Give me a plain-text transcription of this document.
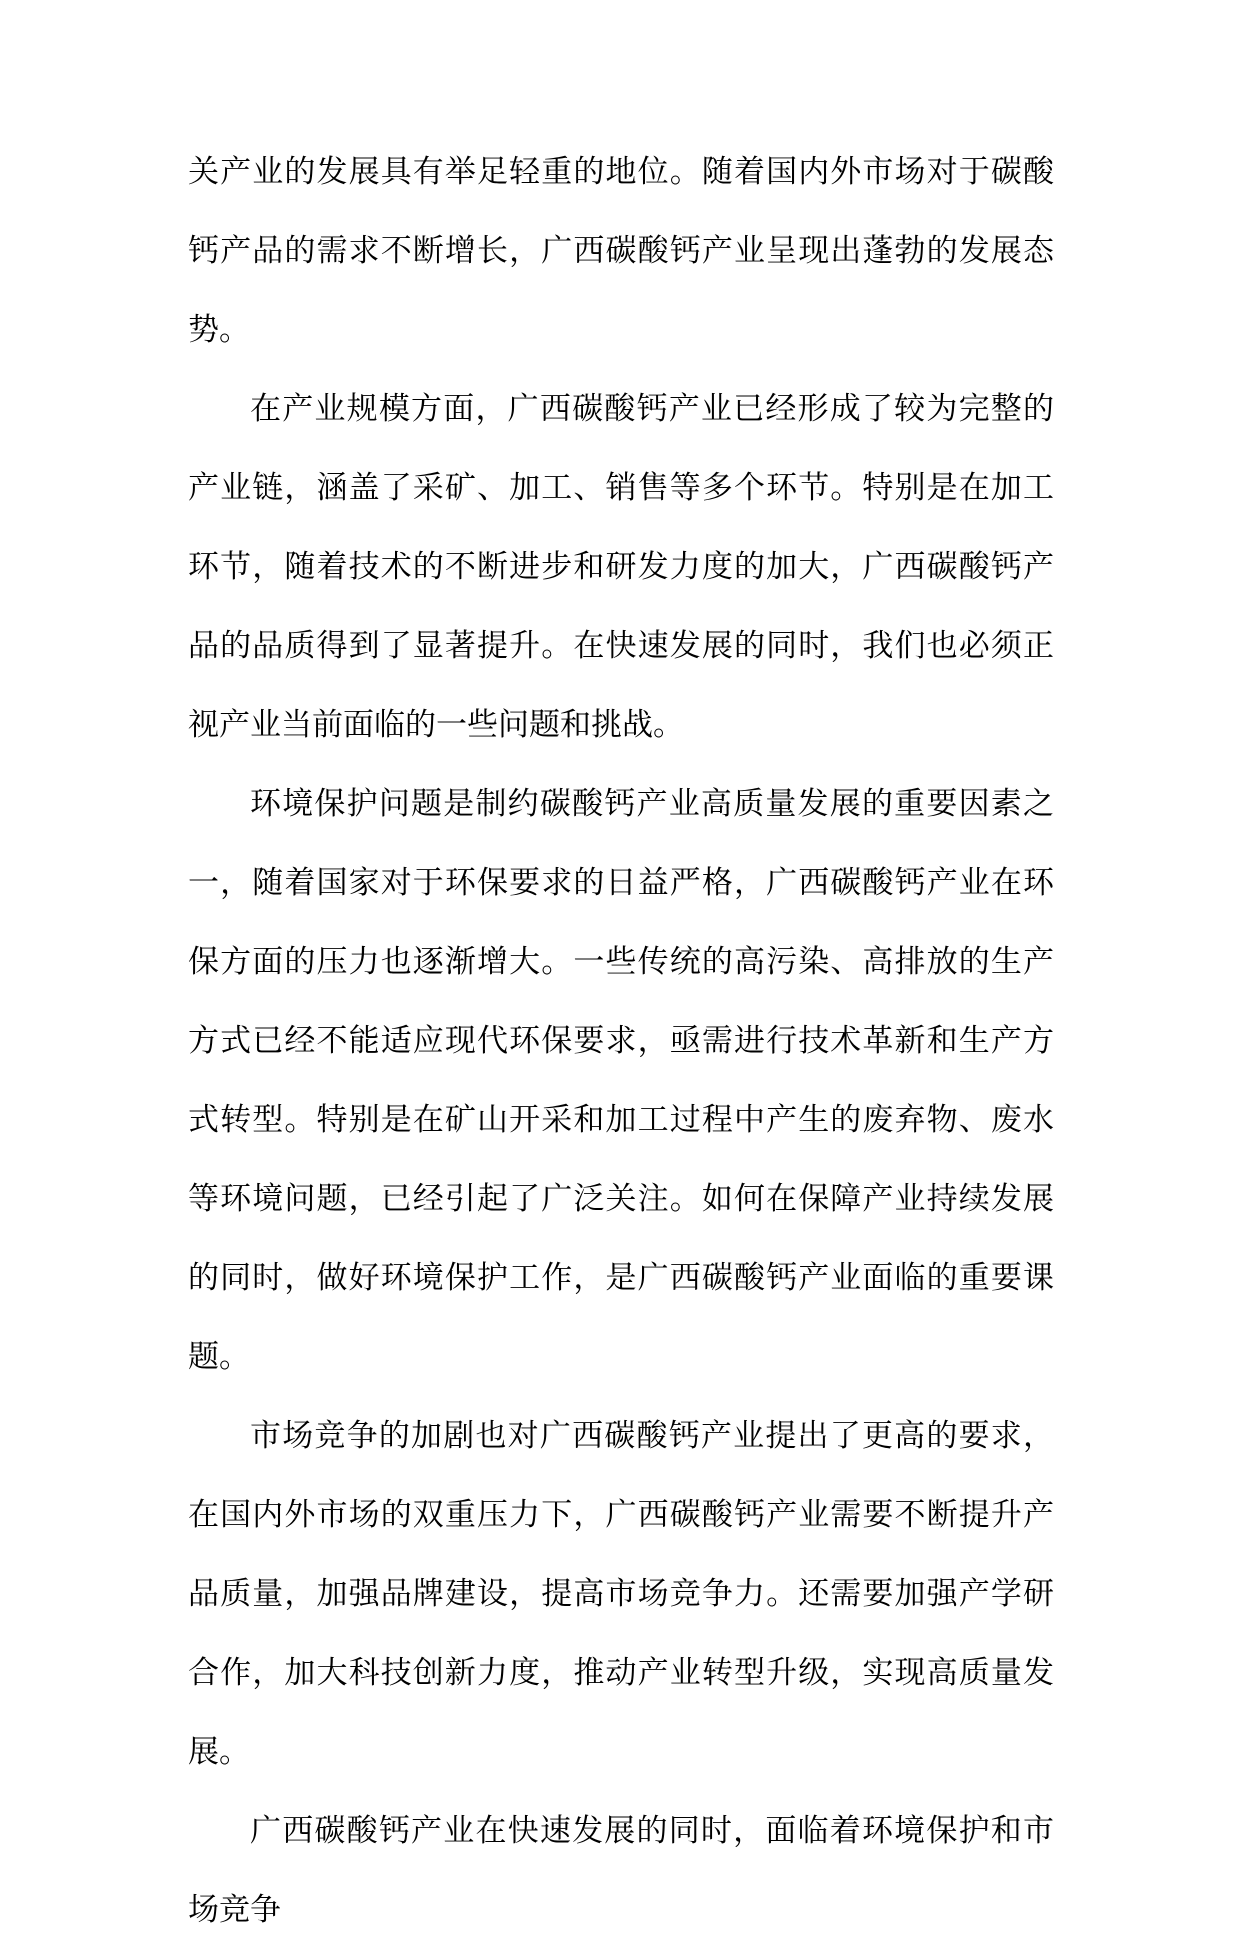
关产业的发展具有举足轻重的地位。随着国内外市场对于碳酸钙产品的需求不断增长，广西碳酸钙产业呈现出蓬勃的发展态势。

在产业规模方面，广西碳酸钙产业已经形成了较为完整的产业链，涵盖了采矿、加工、销售等多个环节。特别是在加工环节，随着技术的不断进步和研发力度的加大，广西碳酸钙产品的品质得到了显著提升。在快速发展的同时，我们也必须正视产业当前面临的一些问题和挑战。

环境保护问题是制约碳酸钙产业高质量发展的重要因素之一，随着国家对于环保要求的日益严格，广西碳酸钙产业在环保方面的压力也逐渐增大。一些传统的高污染、高排放的生产方式已经不能适应现代环保要求，亟需进行技术革新和生产方式转型。特别是在矿山开采和加工过程中产生的废弃物、废水等环境问题，已经引起了广泛关注。如何在保障产业持续发展的同时，做好环境保护工作，是广西碳酸钙产业面临的重要课题。

市场竞争的加剧也对广西碳酸钙产业提出了更高的要求，在国内外市场的双重压力下，广西碳酸钙产业需要不断提升产品质量，加强品牌建设，提高市场竞争力。还需要加强产学研合作，加大科技创新力度，推动产业转型升级，实现高质量发展。

广西碳酸钙产业在快速发展的同时，面临着环境保护和市场竞争
